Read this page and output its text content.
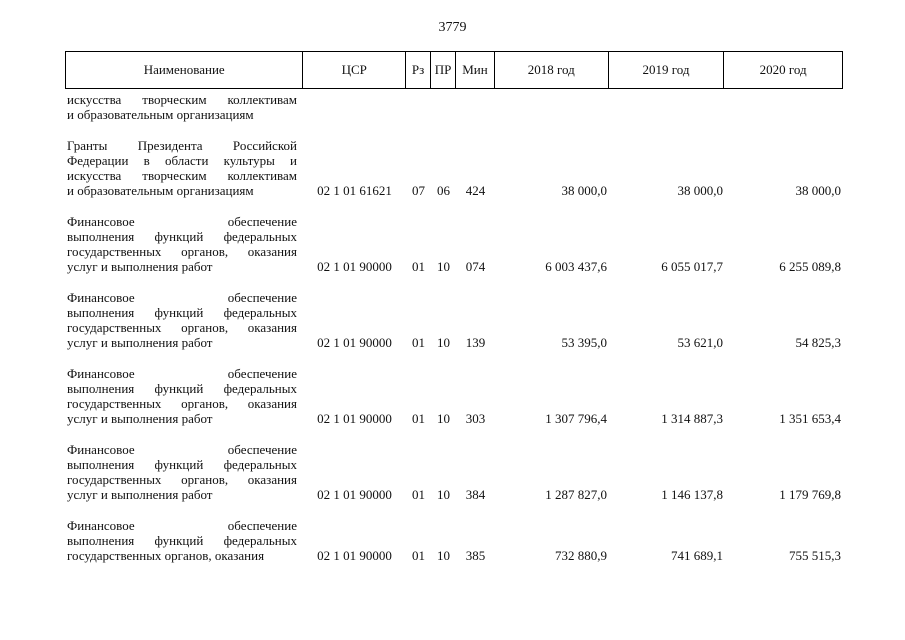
3779
Наименование	ЦСР	Рз ПР Мин	2018 год	2019 год	2020 год
искусства творческим коллективам
и образовательным организациям
Гранты Президента Российской
Федерации в области культуры и
искусства творческим коллективам
и образовательным организациям	02 1 01 61621	07 06	424	38 000,0	38 000,0	38 000,0
Финансовое обеспечение
выполнения функций федеральных
государственных органов, оказания
услуг и выполнения работ	02 1 01 90000	01 10	074	6 003 437,6	6 055 017,7	6 255 089,8
Финансовое обеспечение
выполнения функций федеральных
государственных органов, оказания
услуг и выполнения работ	02 1 01 90000	01 10	139	53 395,0	53 621,0	54 825,3
Финансовое обеспечение
выполнения функций федеральных
государственных органов, оказания
услуг и выполнения работ	02 1 01 90000	01 10	303	1 307 796,4	1 314 887,3	1 351 653,4
Финансовое обеспечение
выполнения функций федеральных
государственных органов, оказания
услуг и выполнения работ	02 1 01 90000	01 10	384	1 287 827,0	1 146 137,8	1 179 769,8
Финансовое обеспечение
выполнения функций федеральных
государственных органов, оказания	02 1 01 90000	01 10	385	732 880,9	741 689,1	755 515,3
